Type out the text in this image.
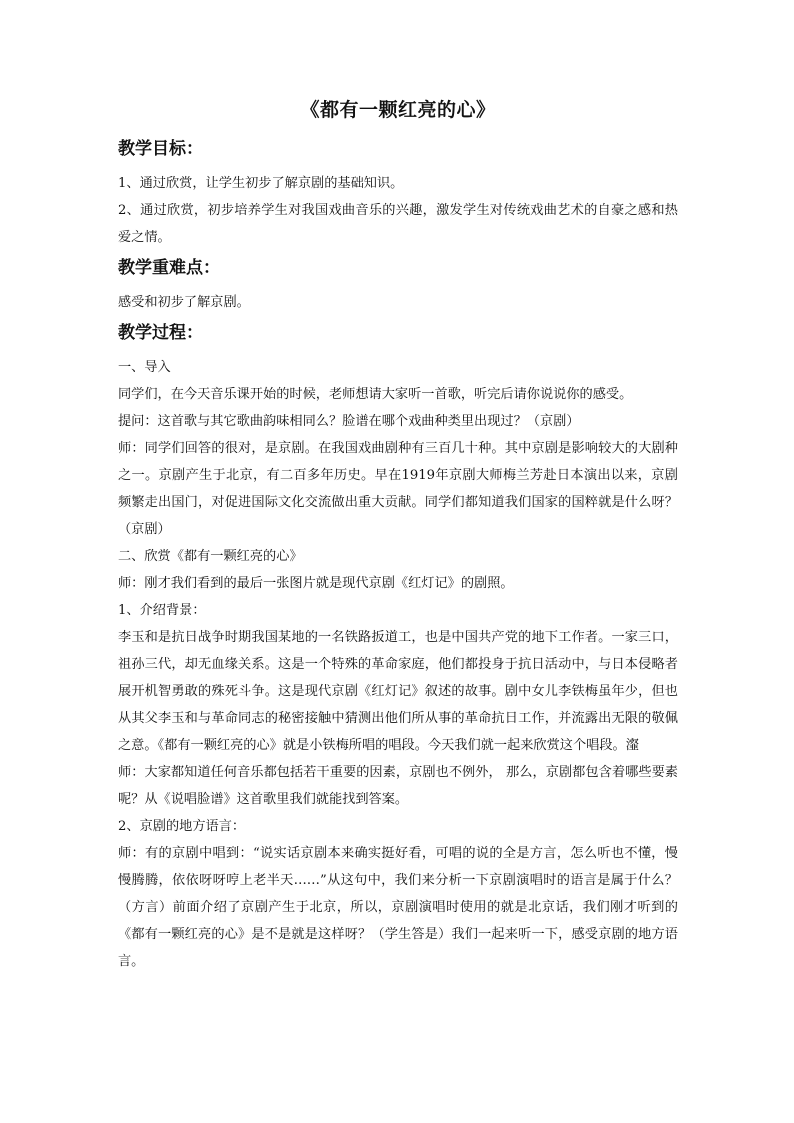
《都有一颗红亮的心》
教学目标：

1、通过欣赏，让学生初步了解京剧的基础知识。

2、通过欣赏，初步培养学生对我国戏曲音乐的兴趣，激发学生对传统戏曲艺术的自豪之感和热爱之情。

教学重难点：

感受和初步了解京剧。

教学过程：

一、导入

同学们，在今天音乐课开始的时候，老师想请大家听一首歌，听完后请你说说你的感受。

提问：这首歌与其它歌曲韵味相同么？脸谱在哪个戏曲种类里出现过？（京剧）

师：同学们回答的很对，是京剧。在我国戏曲剧种有三百几十种。其中京剧是影响较大的大剧种之一。京剧产生于北京，有二百多年历史。早在1919年京剧大师梅兰芳赴日本演出以来，京剧频繁走出国门，对促进国际文化交流做出重大贡献。同学们都知道我们国家的国粹就是什么呀？（京剧）

二、欣赏《都有一颗红亮的心》

师：刚才我们看到的最后一张图片就是现代京剧《红灯记》的剧照。

1、介绍背景：

李玉和是抗日战争时期我国某地的一名铁路扳道工，也是中国共产党的地下工作者。一家三口，祖孙三代，却无血缘关系。这是一个特殊的革命家庭，他们都投身于抗日活动中，与日本侵略者展开机智勇敢的殊死斗争。这是现代京剧《红灯记》叙述的故事。剧中女儿李铁梅虽年少，但也从其父李玉和与革命同志的秘密接触中猜测出他们所从事的革命抗日工作，并流露出无限的敬佩之意。《都有一颗红亮的心》就是小铁梅所唱的唱段。今天我们就一起来欣赏这个唱段。瀣

师：大家都知道任何音乐都包括若干重要的因素，京剧也不例外， 那么，京剧都包含着哪些要素呢？从《说唱脸谱》这首歌里我们就能找到答案。

2、京剧的地方语言：

师：有的京剧中唱到：“说实话京剧本来确实挺好看，可唱的说的全是方言，怎么听也不懂，慢慢腾腾，依依呀呀哼上老半天……”从这句中，我们来分析一下京剧演唱时的语言是属于什么？（方言）前面介绍了京剧产生于北京，所以，京剧演唱时使用的就是北京话，我们刚才听到的《都有一颗红亮的心》是不是就是这样呀？（学生答是）我们一起来听一下，感受京剧的地方语言。
